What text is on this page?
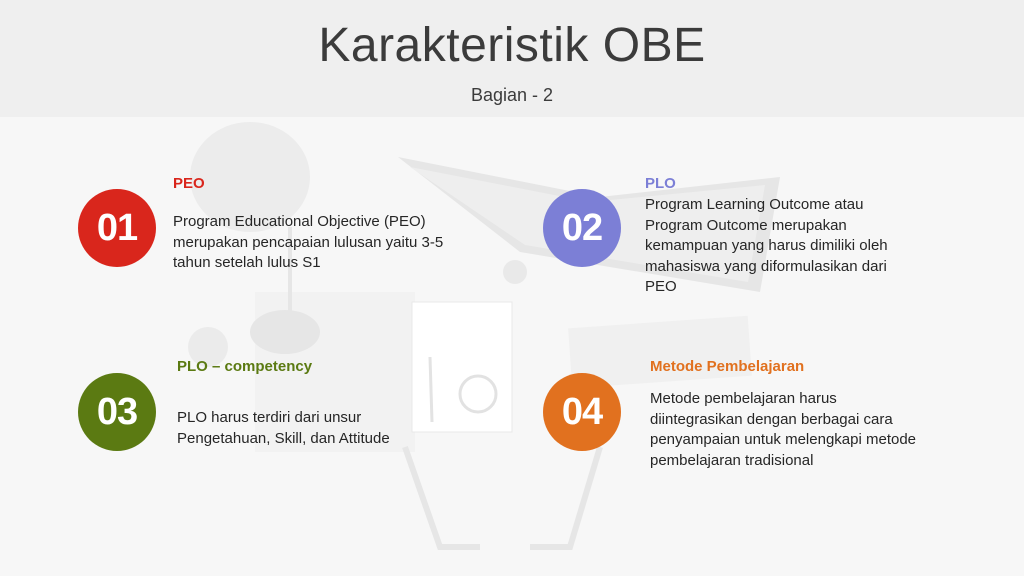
Karakteristik OBE
Bagian - 2
01
PEO
Program Educational Objective (PEO)
merupakan pencapaian lulusan yaitu 3-5
tahun setelah lulus S1
02
PLO
Program Learning Outcome atau
Program Outcome merupakan
kemampuan yang harus dimiliki oleh
mahasiswa yang diformulasikan dari
PEO
03
PLO – competency
PLO harus terdiri dari unsur
Pengetahuan, Skill, dan Attitude
04
Metode Pembelajaran
Metode pembelajaran harus
diintegrasikan dengan berbagai cara
penyampaian untuk melengkapi metode
pembelajaran tradisional
